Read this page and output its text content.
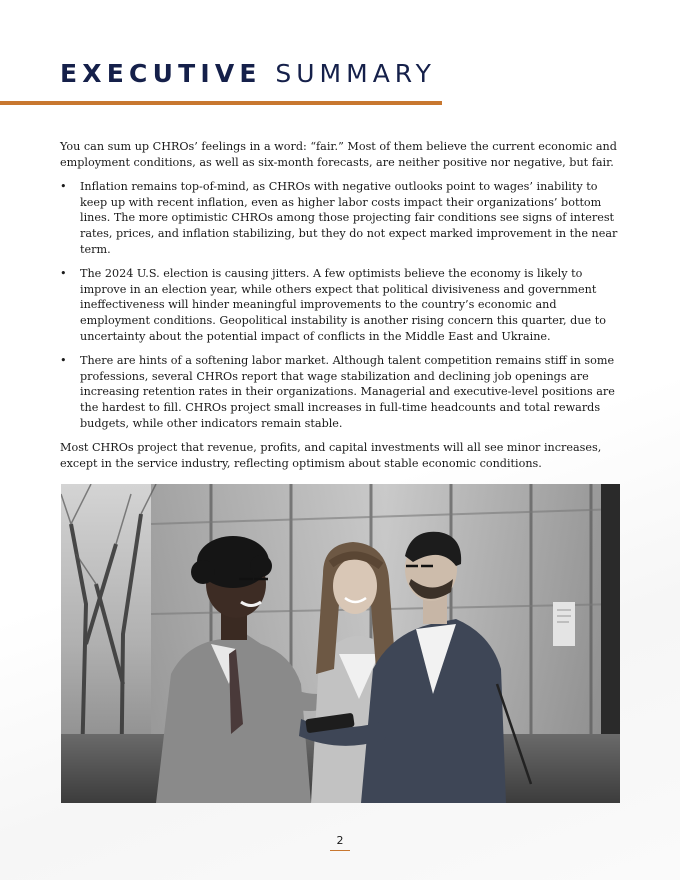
EXECUTIVE SUMMARY

You can sum up CHROs’ feelings in a word: “fair.” Most of them believe the current economic and employment conditions, as well as six-month forecasts, are neither positive nor negative, but fair.

• Inflation remains top-of-mind, as CHROs with negative outlooks point to wages’ inability to keep up with recent inflation, even as higher labor costs impact their organizations’ bottom lines. The more optimistic CHROs among those projecting fair conditions see signs of interest rates, prices, and inflation stabilizing, but they do not expect marked improvement in the near term.
• The 2024 U.S. election is causing jitters. A few optimists believe the economy is likely to improve in an election year, while others expect that political divisiveness and government ineffectiveness will hinder meaningful improvements to the country’s economic and employment conditions. Geopolitical instability is another rising concern this quarter, due to uncertainty about the potential impact of conflicts in the Middle East and Ukraine.
• There are hints of a softening labor market. Although talent competition remains stiff in some professions, several CHROs report that wage stabilization and declining job openings are increasing retention rates in their organizations. Managerial and executive-level positions are the hardest to fill. CHROs project small increases in full-time headcounts and total rewards budgets, while other indicators remain stable.

Most CHROs project that revenue, profits, and capital investments will all see minor increases, except in the service industry, reflecting optimism about stable economic conditions.

2
